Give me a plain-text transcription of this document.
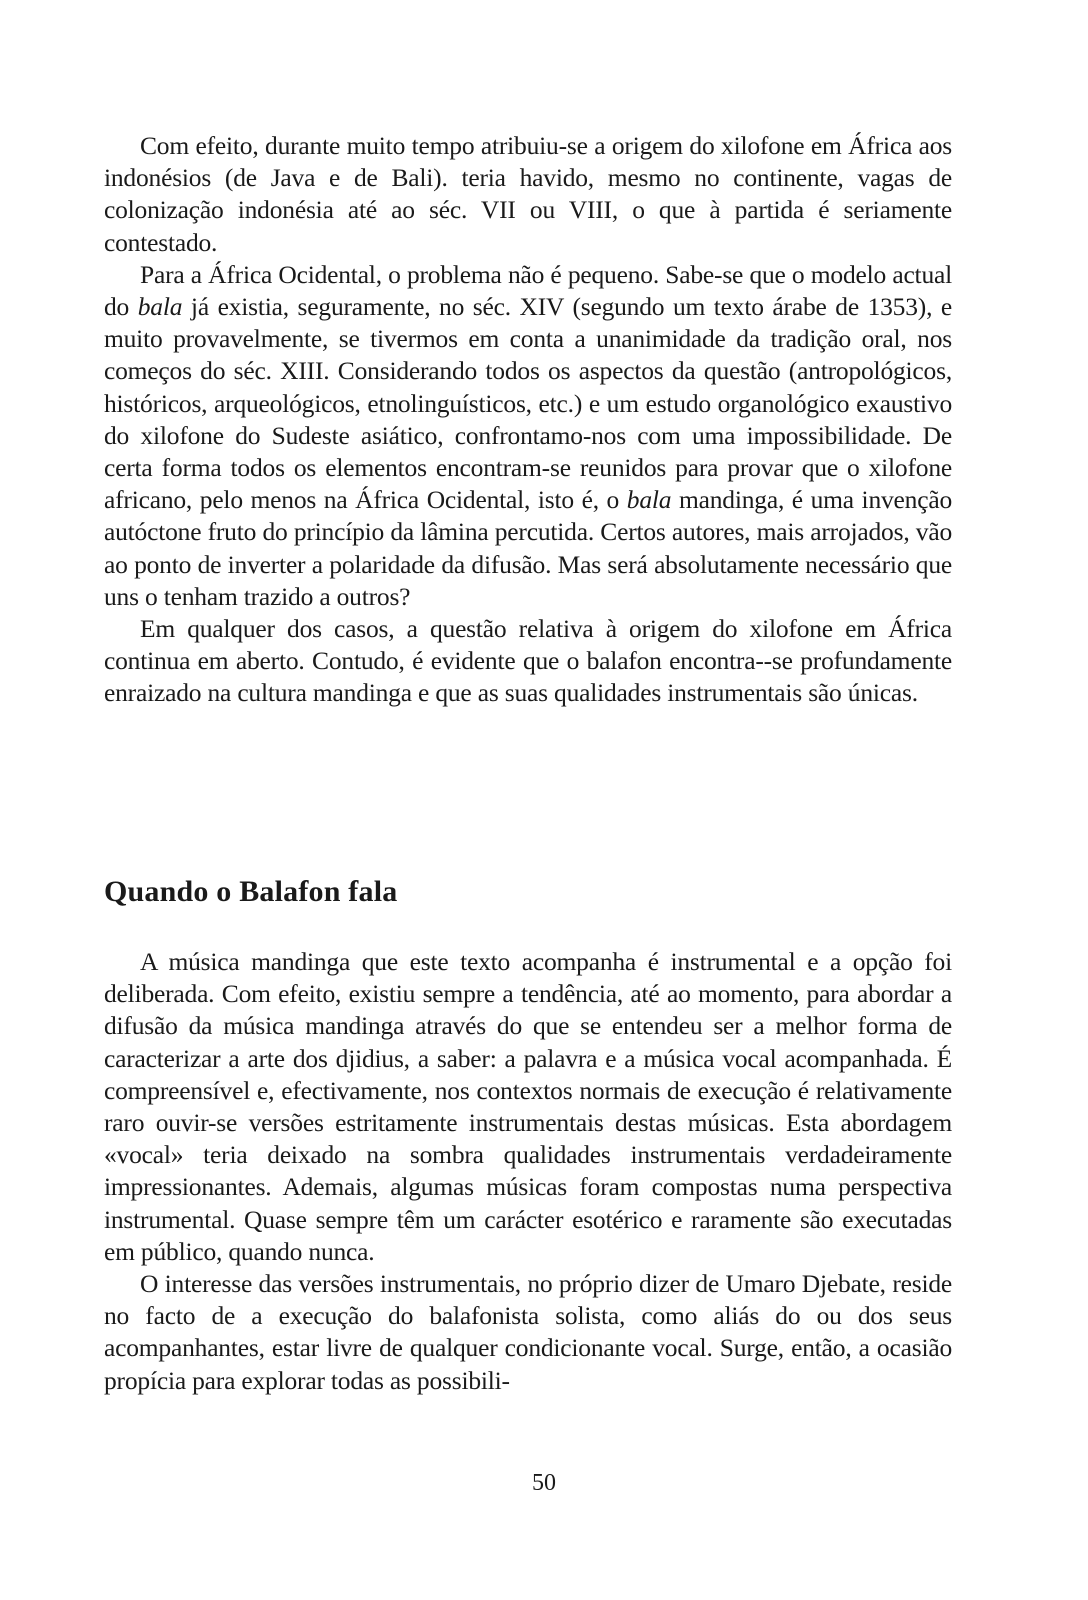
Com efeito, durante muito tempo atribuiu-se a origem do xilofone em África aos indonésios (de Java e de Bali). teria havido, mesmo no continente, vagas de colonização indonésia até ao séc. VII ou VIII, o que à partida é seriamente contestado.

Para a África Ocidental, o problema não é pequeno. Sabe-se que o modelo actual do bala já existia, seguramente, no séc. XIV (segundo um texto árabe de 1353), e muito provavelmente, se tivermos em conta a unanimidade da tradição oral, nos começos do séc. XIII. Considerando todos os aspectos da questão (antropológicos, históricos, arqueológicos, etnolinguísticos, etc.) e um estudo organológico exaustivo do xilofone do Sudeste asiático, confrontamo-nos com uma impossibilidade. De certa forma todos os elementos encontram-se reunidos para provar que o xilofone africano, pelo menos na África Ocidental, isto é, o bala mandinga, é uma invenção autóctone fruto do princípio da lâmina percutida. Certos autores, mais arrojados, vão ao ponto de inverter a polaridade da difusão. Mas será absolutamente necessário que uns o tenham trazido a outros?

Em qualquer dos casos, a questão relativa à origem do xilofone em África continua em aberto. Contudo, é evidente que o balafon encontra--se profundamente enraizado na cultura mandinga e que as suas qualidades instrumentais são únicas.

Quando o Balafon fala

A música mandinga que este texto acompanha é instrumental e a opção foi deliberada. Com efeito, existiu sempre a tendência, até ao momento, para abordar a difusão da música mandinga através do que se entendeu ser a melhor forma de caracterizar a arte dos djidius, a saber: a palavra e a música vocal acompanhada. É compreensível e, efectivamente, nos contextos normais de execução é relativamente raro ouvir-se versões estritamente instrumentais destas músicas. Esta abordagem «vocal» teria deixado na sombra qualidades instrumentais verdadeiramente impressionantes. Ademais, algumas músicas foram compostas numa perspectiva instrumental. Quase sempre têm um carácter esotérico e raramente são executadas em público, quando nunca.

O interesse das versões instrumentais, no próprio dizer de Umaro Djebate, reside no facto de a execução do balafonista solista, como aliás do ou dos seus acompanhantes, estar livre de qualquer condicionante vocal. Surge, então, a ocasião propícia para explorar todas as possibili-

50
